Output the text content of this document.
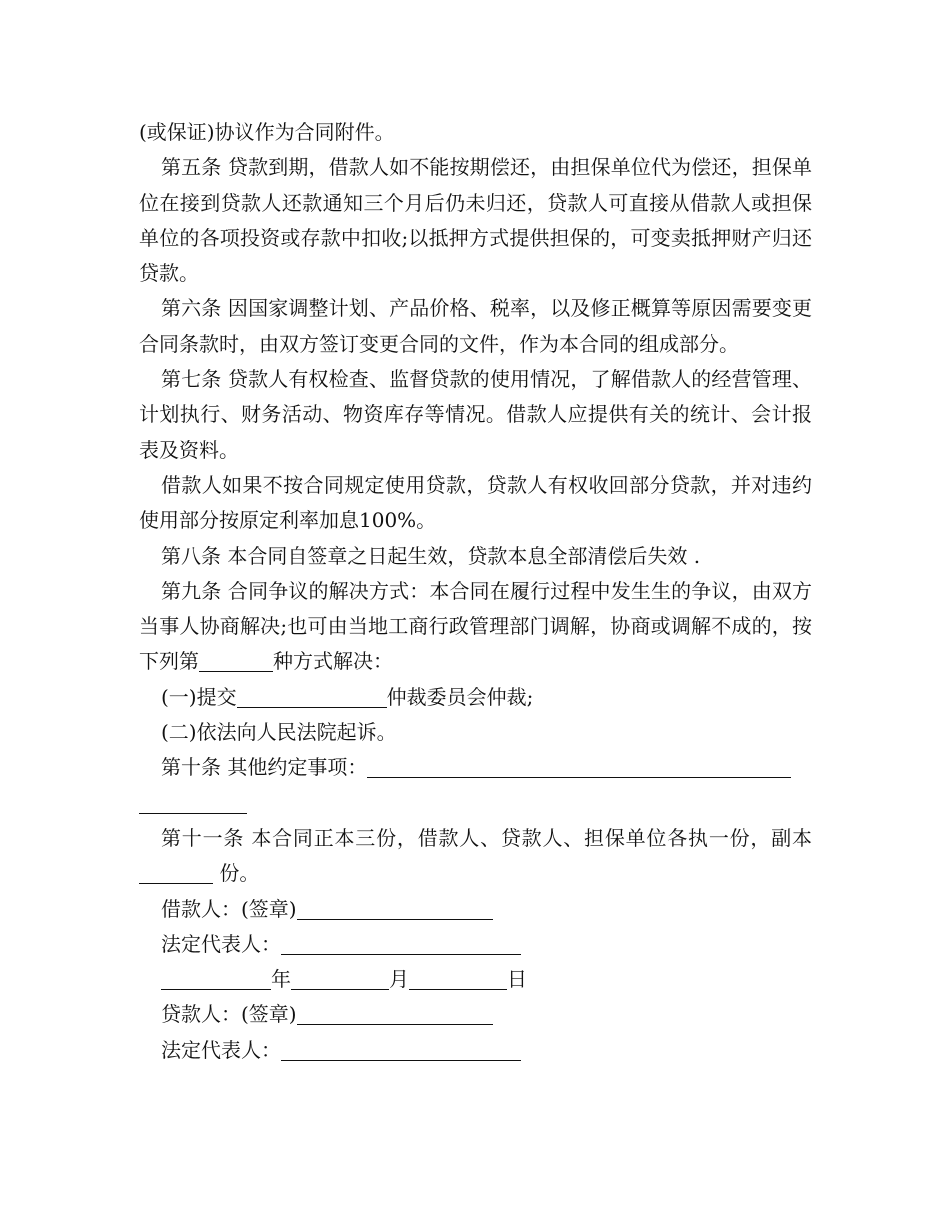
(或保证)协议作为合同附件。

第五条 贷款到期，借款人如不能按期偿还，由担保单位代为偿还，担保单位在接到贷款人还款通知三个月后仍未归还，贷款人可直接从借款人或担保单位的各项投资或存款中扣收;以抵押方式提供担保的，可变卖抵押财产归还贷款。

第六条 因国家调整计划、产品价格、税率，以及修正概算等原因需要变更合同条款时，由双方签订变更合同的文件，作为本合同的组成部分。

第七条 贷款人有权检查、监督贷款的使用情况，了解借款人的经营管理、计划执行、财务活动、物资库存等情况。借款人应提供有关的统计、会计报表及资料。

借款人如果不按合同规定使用贷款，贷款人有权收回部分贷款，并对违约使用部分按原定利率加息100%。

第八条 本合同自签章之日起生效，贷款本息全部清偿后失效 .

第九条 合同争议的解决方式：本合同在履行过程中发生生的争议，由双方当事人协商解决;也可由当地工商行政管理部门调解，协商或调解不成的，按下列第	种方式解决：

(一)提交	仲裁委员会仲裁;

(二)依法向人民法院起诉。

第十条 其他约定事项：

第十一条 本合同正本三份，借款人、贷款人、担保单位各执一份，副本 份。

借款人：(签章)

法定代表人：

年	月	日

贷款人：(签章)

法定代表人：
